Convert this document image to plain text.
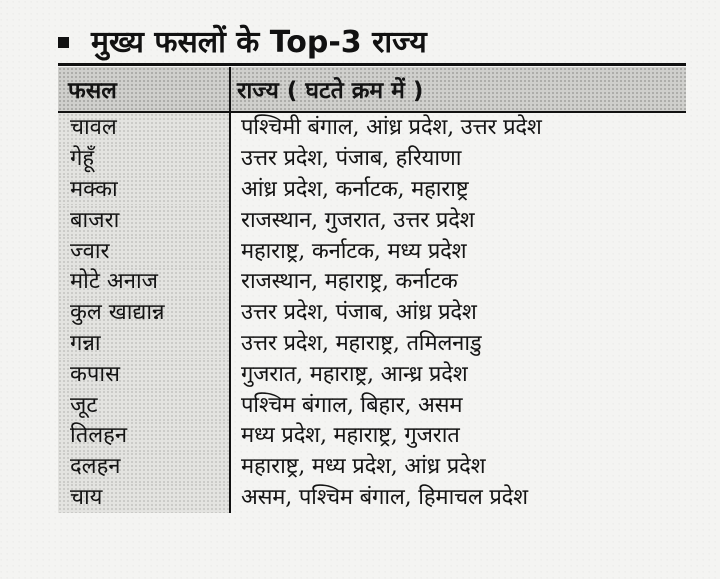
मुख्य फसलों के Top-3 राज्य
फसल	राज्य ( घटते क्रम में )
चावल	पश्चिमी बंगाल, आंध्र प्रदेश, उत्तर प्रदेश
गेहूँ	उत्तर प्रदेश, पंजाब, हरियाणा
मक्का	आंध्र प्रदेश, कर्नाटक, महाराष्ट्र
बाजरा	राजस्थान, गुजरात, उत्तर प्रदेश
ज्वार	महाराष्ट्र, कर्नाटक, मध्य प्रदेश
मोटे अनाज	राजस्थान, महाराष्ट्र, कर्नाटक
कुल खाद्यान्न	उत्तर प्रदेश, पंजाब, आंध्र प्रदेश
गन्ना	उत्तर प्रदेश, महाराष्ट्र, तमिलनाडु
कपास	गुजरात, महाराष्ट्र, आन्ध्र प्रदेश
जूट	पश्चिम बंगाल, बिहार, असम
तिलहन	मध्य प्रदेश, महाराष्ट्र, गुजरात
दलहन	महाराष्ट्र, मध्य प्रदेश, आंध्र प्रदेश
चाय	असम, पश्चिम बंगाल, हिमाचल प्रदेश
